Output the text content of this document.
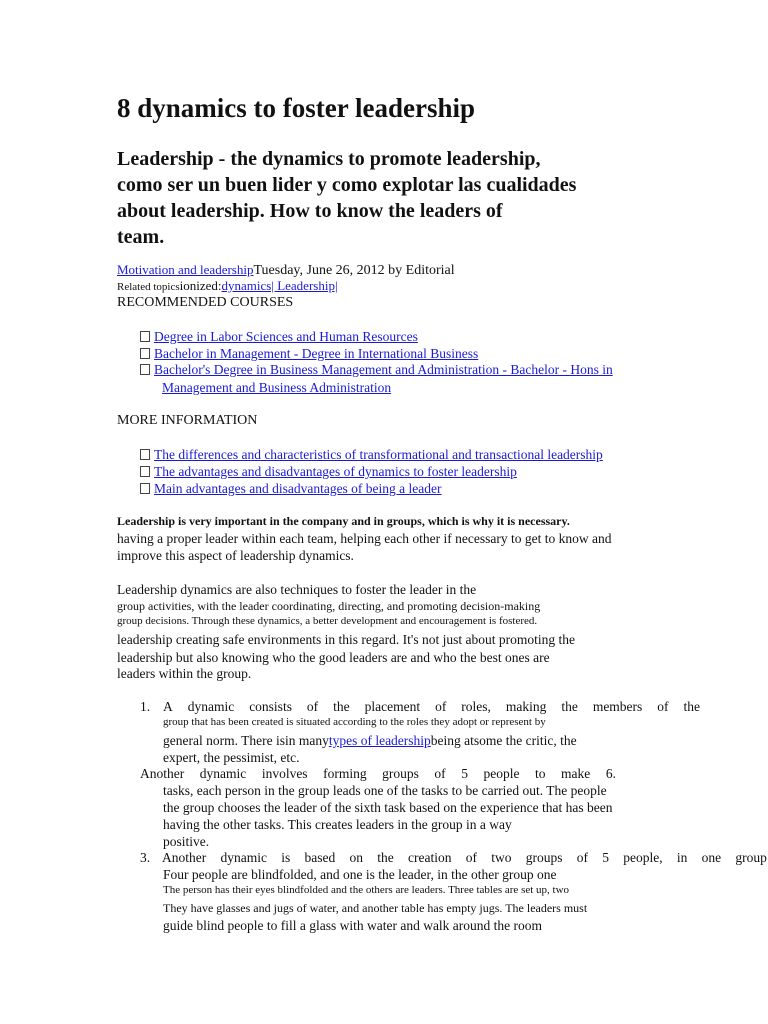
8 dynamics to foster leadership
Leadership - the dynamics to promote leadership,
como ser un buen lider y como explotar las cualidades
about leadership. How to know the leaders of
team.
Motivation and leadershipTuesday, June 26, 2012 by Editorial
Related topicsionized:dynamics| Leadership|
RECOMMENDED COURSES
Degree in Labor Sciences and Human Resources
Bachelor in Management - Degree in International Business
Bachelor's Degree in Business Management and Administration - Bachelor - Hons in
Management and Business Administration
MORE INFORMATION
The differences and characteristics of transformational and transactional leadership
The advantages and disadvantages of dynamics to foster leadership
Main advantages and disadvantages of being a leader
Leadership is very important in the company and in groups, which is why it is necessary.
having a proper leader within each team, helping each other if necessary to get to know and
improve this aspect of leadership dynamics.
Leadership dynamics are also techniques to foster the leader in the
group activities, with the leader coordinating, directing, and promoting decision-making
group decisions. Through these dynamics, a better development and encouragement is fostered.
leadership creating safe environments in this regard. It's not just about promoting the
leadership but also knowing who the good leaders are and who the best ones are
leaders within the group.
1. A dynamic consists of the placement of roles, making the members of the
group that has been created is situated according to the roles they adopt or represent by
general norm. There isin manytypes of leadershipbeing atsome the critic, the
expert, the pessimist, etc.
Another dynamic involves forming groups of 5 people to make 6.
tasks, each person in the group leads one of the tasks to be carried out. The people
the group chooses the leader of the sixth task based on the experience that has been
having the other tasks. This creates leaders in the group in a way
positive.
3. Another dynamic is based on the creation of two groups of 5 people, in one group
Four people are blindfolded, and one is the leader, in the other group one
The person has their eyes blindfolded and the others are leaders. Three tables are set up, two
They have glasses and jugs of water, and another table has empty jugs. The leaders must
guide blind people to fill a glass with water and walk around the room
